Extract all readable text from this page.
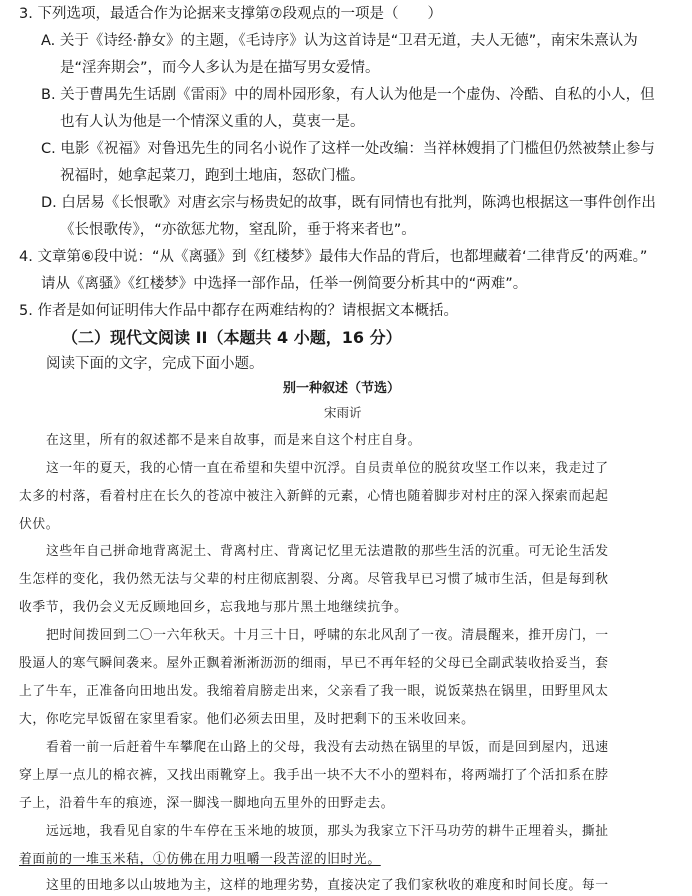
3. 下列选项，最适合作为论据来支撑第⑦段观点的一项是（　　）
A. 关于《诗经·静女》的主题，《毛诗序》认为这首诗是“卫君无道，夫人无德”，南宋朱熹认为
是“淫奔期会”，而今人多认为是在描写男女爱情。
B. 关于曹禺先生话剧《雷雨》中的周朴园形象，有人认为他是一个虚伪、冷酷、自私的小人，但
也有人认为他是一个情深义重的人，莫衷一是。
C. 电影《祝福》对鲁迅先生的同名小说作了这样一处改编：当祥林嫂捐了门槛但仍然被禁止参与
祝福时，她拿起菜刀，跑到土地庙，怒砍门槛。
D. 白居易《长恨歌》对唐玄宗与杨贵妃的故事，既有同情也有批判，陈鸿也根据这一事件创作出
《长恨歌传》，“亦欲惩尤物，窒乱阶，垂于将来者也”。
4. 文章第⑥段中说：“从《离骚》到《红楼梦》最伟大作品的背后，也都埋藏着‘二律背反’的两难。”
请从《离骚》《红楼梦》中选择一部作品，任举一例简要分析其中的“两难”。
5. 作者是如何证明伟大作品中都存在两难结构的？请根据文本概括。
（二）现代文阅读 II（本题共 4 小题，16 分）
阅读下面的文字，完成下面小题。
别一种叙述（节选）
宋雨䜣
在这里，所有的叙述都不是来自故事，而是来自这个村庄自身。
这一年的夏天，我的心情一直在希望和失望中沉浮。自员责单位的脱贫攻坚工作以来，我走过了
太多的村落，看着村庄在长久的苍凉中被注入新鲜的元素，心情也随着脚步对村庄的深入探索而起起
伏伏。
这些年自己拼命地背离泥土、背离村庄、背离记忆里无法遣散的那些生活的沉重。可无论生活发
生怎样的变化，我仍然无法与父辈的村庄彻底割裂、分离。尽管我早已习惯了城市生活，但是每到秋
收季节，我仍会义无反顾地回乡，忘我地与那片黑土地继续抗争。
把时间拨回到二〇一六年秋天。十月三十日，呼啸的东北风刮了一夜。清晨醒来，推开房门，一
股逼人的寒气瞬间袭来。屋外正飘着淅淅沥沥的细雨，早已不再年轻的父母已全副武装收拾妥当，套
上了牛车，正准备向田地出发。我缩着肩膀走出来，父亲看了我一眼，说饭菜热在锅里，田野里风太
大，你吃完早饭留在家里看家。他们必须去田里，及时把剩下的玉米收回来。
看着一前一后赶着牛车攀爬在山路上的父母，我没有去动热在锅里的早饭，而是回到屋内，迅速
穿上厚一点儿的棉衣裤，又找出雨靴穿上。我手出一块不大不小的塑料布，将两端打了个活扣系在脖
子上，沿着牛车的痕迹，深一脚浅一脚地向五里外的田野走去。
远远地，我看见自家的牛车停在玉米地的坡顶，那头为我家立下汗马功劳的耕牛正埋着头，撕扯
着面前的一堆玉米秸，①仿佛在用力咀嚼一段苦涩的旧时光。
这里的田地多以山坡地为主，这样的地理劣势，直接决定了我们家秋收的难度和时间长度。每一
